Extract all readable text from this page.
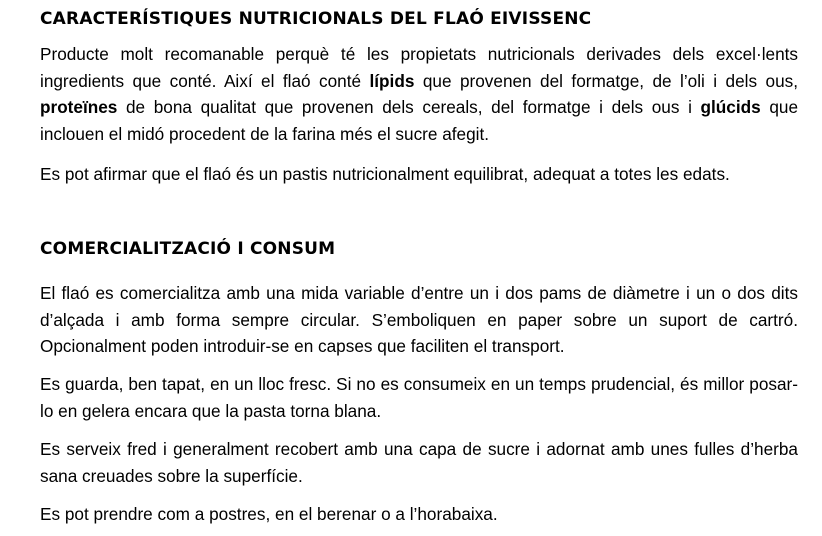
CARACTERÍSTIQUES NUTRICIONALS DEL FLAÓ EIVISSENC

Producte molt recomanable perquè té les propietats nutricionals derivades dels excel·lents ingredients que conté. Així el flaó conté lípids que provenen del formatge, de l’oli i dels ous, proteïnes de bona qualitat que provenen dels cereals, del formatge i dels ous i glúcids que inclouen el midó procedent de la farina més el sucre afegit.

Es pot afirmar que el flaó és un pastis nutricionalment equilibrat, adequat a totes les edats.

COMERCIALITZACIÓ I CONSUM

El flaó es comercialitza amb una mida variable d’entre un i dos pams de diàmetre i un o dos dits d’alçada i amb forma sempre circular. S’emboliquen en paper sobre un suport de cartró. Opcionalment poden introduir-se en capses que faciliten el transport.

Es guarda, ben tapat, en un lloc fresc. Si no es consumeix en un temps prudencial, és millor posar-lo en gelera encara que la pasta torna blana.

Es serveix fred i generalment recobert amb una capa de sucre i adornat amb unes fulles d’herba sana creuades sobre la superfície.

Es pot prendre com a postres, en el berenar o a l’horabaixa.
